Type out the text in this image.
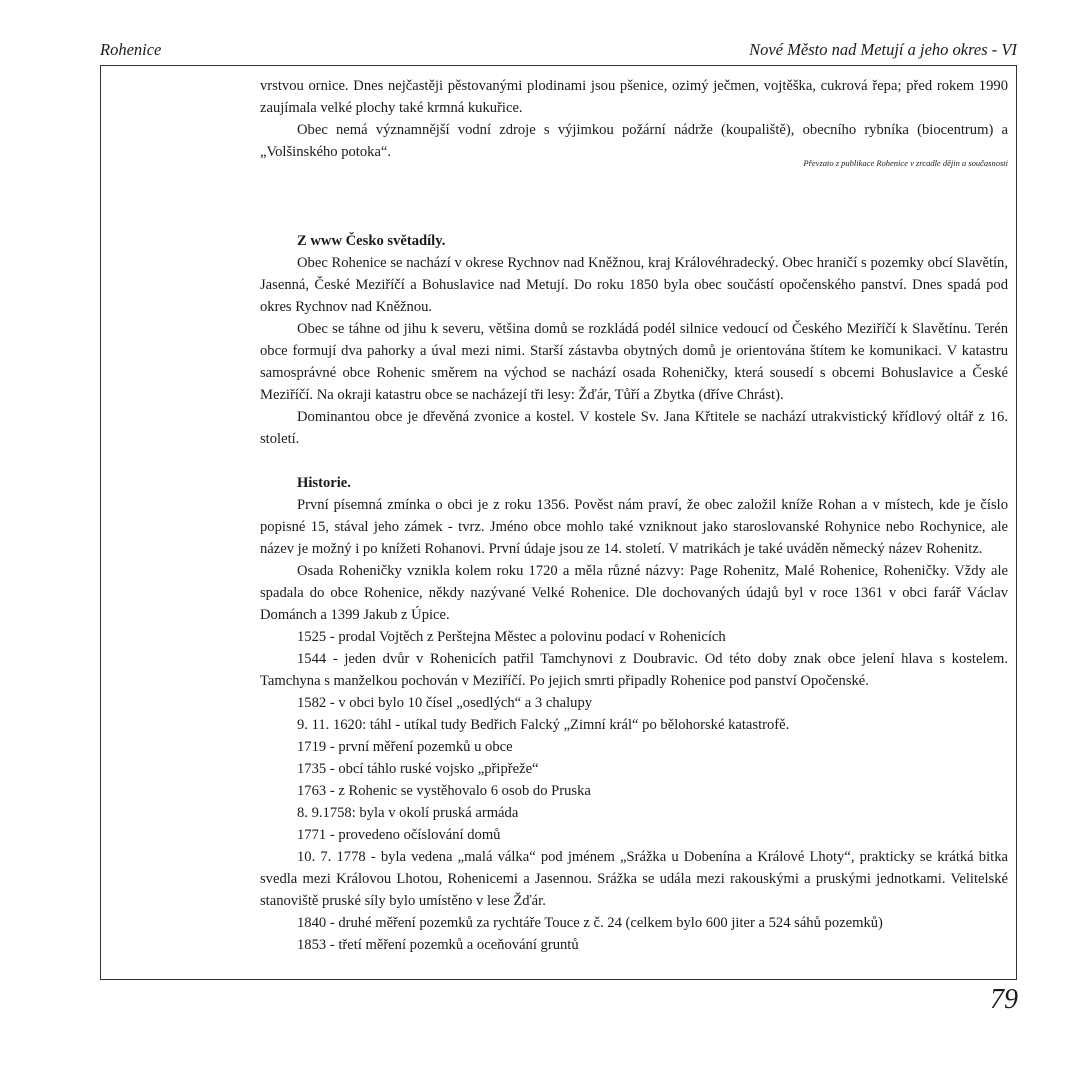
Rohenice	Nové Město nad Metují a jeho okres - VI

vrstvou ornice. Dnes nejčastěji pěstovanými plodinami jsou pšenice, ozimý ječmen, vojtěška, cukrová řepa; před rokem 1990 zaujímala velké plochy také krmná kukuřice.

Obec nemá významnější vodní zdroje s výjimkou požární nádrže (koupaliště), obecního rybníka (biocentrum) a „Volšinského potoka“.

Převzato z publikace Rohenice v zrcadle dějin a současnosti

Z www Česko světadíly.

Obec Rohenice se nachází v okrese Rychnov nad Kněžnou, kraj Královéhradecký. Obec hraničí s pozemky obcí Slavětín, Jasenná, České Meziříčí a Bohuslavice nad Metují. Do roku 1850 byla obec součástí opočenského panství. Dnes spadá pod okres Rychnov nad Kněžnou.

Obec se táhne od jihu k severu, většina domů se rozkládá podél silnice vedoucí od Českého Meziříčí k Slavětínu. Terén obce formují dva pahorky a úval mezi nimi. Starší zástavba obytných domů je orientována štítem ke komunikaci. V katastru samosprávné obce Rohenic směrem na východ se nachází osada Roheničky, která sousedí s obcemi Bohuslavice a České Meziříčí. Na okraji katastru obce se nacházejí tři lesy: Žďár, Tůří a Zbytka (dříve Chrást).

Dominantou obce je dřevěná zvonice a kostel. V kostele Sv. Jana Křtitele se nachází utrakvistický křídlový oltář z 16. století.

Historie.

První písemná zmínka o obci je z roku 1356. Pověst nám praví, že obec založil kníže Rohan a v místech, kde je číslo popisné 15, stával jeho zámek - tvrz. Jméno obce mohlo také vzniknout jako staroslovanské Rohynice nebo Rochynice, ale název je možný i po knížeti Rohanovi. První údaje jsou ze 14. století. V matrikách je také uváděn německý název Rohenitz.

Osada Roheničky vznikla kolem roku 1720 a měla různé názvy: Page Rohenitz, Malé Rohenice, Roheničky. Vždy ale spadala do obce Rohenice, někdy nazývané Velké Rohenice. Dle dochovaných údajů byl v roce 1361 v obci farář Václav Dománch a 1399 Jakub z Úpice.

1525 - prodal Vojtěch z Perštejna Městec a polovinu podací v Rohenicích

1544 - jeden dvůr v Rohenicích patřil Tamchynovi z Doubravic. Od této doby znak obce jelení hlava s kostelem. Tamchyna s manželkou pochován v Meziříčí. Po jejich smrti připadly Rohenice pod panství Opočenské.

1582 - v obci bylo 10 čísel „osedlých“ a 3 chalupy

9. 11. 1620: táhl - utíkal tudy Bedřich Falcký „Zimní král“ po bělohorské katastrofě.

1719 - první měření pozemků u obce

1735 - obcí táhlo ruské vojsko „připřeže“

1763 - z Rohenic se vystěhovalo 6 osob do Pruska

8. 9.1758: byla v okolí pruská armáda

1771 - provedeno očíslování domů

10. 7. 1778 - byla vedena „malá válka“ pod jménem „Srážka u Dobenína a Králové Lhoty“, prakticky se krátká bitka svedla mezi Královou Lhotou, Rohenicemi a Jasennou. Srážka se udála mezi rakouskými a pruskými jednotkami. Velitelské stanoviště pruské síly bylo umístěno v lese Žďár.

1840 - druhé měření pozemků za rychtáře Touce z č. 24 (celkem bylo 600 jiter a 524 sáhů pozemků)

1853 - třetí měření pozemků a oceňování gruntů

79
